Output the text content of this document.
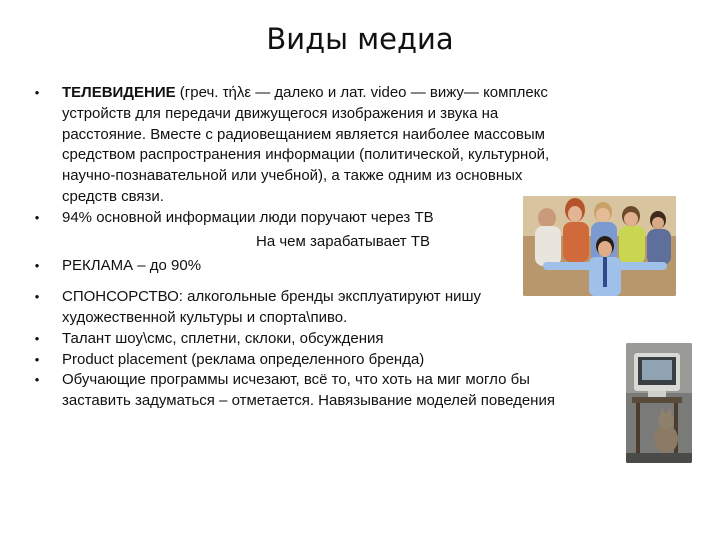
Виды медиа
•	ТЕЛЕВИДЕНИЕ (греч. τήλε — далеко и лат. video — вижу— комплекс
устройств для передачи движущегося изображения и звука на
расстояние. Вместе с радиовещанием является наиболее массовым
средством распространения информации (политической, культурной,
научно-познавательной или учебной), а также одним из основных
средств связи.
•	94% основной информации люди поручают через ТВ
На чем зарабатывает ТВ
•	РЕКЛАМА – до 90%
•	СПОНСОРСТВО: алкогольные бренды эксплуатируют нишу
художественной культуры и спорта\пиво.
•	Талант шоу\смс, сплетни, склоки, обсуждения
•	Product placement (реклама определенного бренда)
•	Обучающие программы исчезают, всё то, что хоть на миг могло бы
заставить задуматься – отметается. Навязывание моделей поведения
